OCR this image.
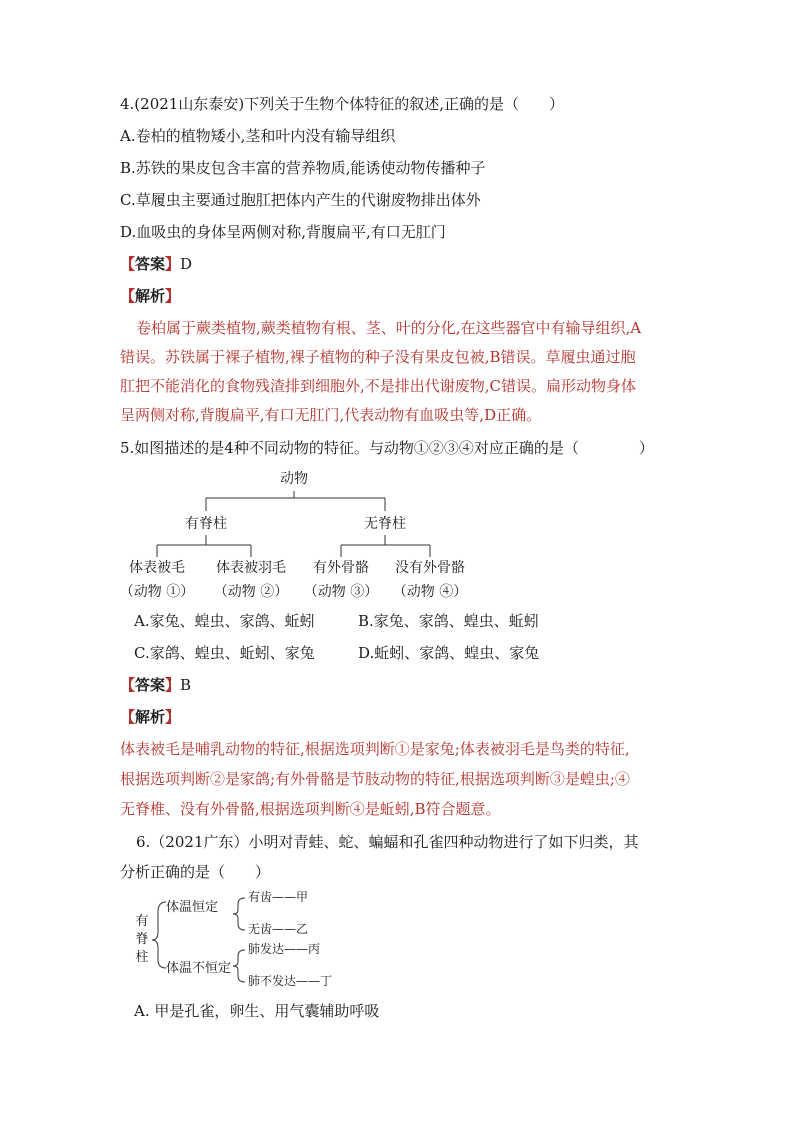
4.(2021山东泰安)下列关于生物个体特征的叙述,正确的是（　　）
A.卷柏的植物矮小,茎和叶内没有输导组织
B.苏铁的果皮包含丰富的营养物质,能诱使动物传播种子
C.草履虫主要通过胞肛把体内产生的代谢废物排出体外
D.血吸虫的身体呈两侧对称,背腹扁平,有口无肛门
【答案】D
【解析】
卷柏属于蕨类植物,蕨类植物有根、茎、叶的分化,在这些器官中有输导组织,A
错误。苏铁属于裸子植物,裸子植物的种子没有果皮包被,B错误。草履虫通过胞
肛把不能消化的食物残渣排到细胞外,不是排出代谢废物,C错误。扁形动物身体
呈两侧对称,背腹扁平,有口无肛门,代表动物有血吸虫等,D正确。
5.如图描述的是4种不同动物的特征。与动物①②③④对应正确的是（　　　　）
动物
有脊柱	无脊柱
体表被毛 体表被羽毛 有外骨骼 没有外骨骼
（动物 ①） （动物 ②） （动物 ③） （动物 ④）
A.家兔、蝗虫、家鸽、蚯蚓	B.家兔、家鸽、蝗虫、蚯蚓
C.家鸽、蝗虫、蚯蚓、家兔	D.蚯蚓、家鸽、蝗虫、家兔
【答案】B
【解析】
体表被毛是哺乳动物的特征,根据选项判断①是家兔;体表被羽毛是鸟类的特征,
根据选项判断②是家鸽;有外骨骼是节肢动物的特征,根据选项判断③是蝗虫;④
无脊椎、没有外骨骼,根据选项判断④是蚯蚓,B符合题意。
6.（2021广东）小明对青蛙、蛇、蝙蝠和孔雀四种动物进行了如下归类，其
分析正确的是（　　）
有
脊
柱
体温恒定
体温不恒定
有齿——甲
无齿——乙
肺发达——丙
肺不发达——丁
A. 甲是孔雀，卵生、用气囊辅助呼吸
